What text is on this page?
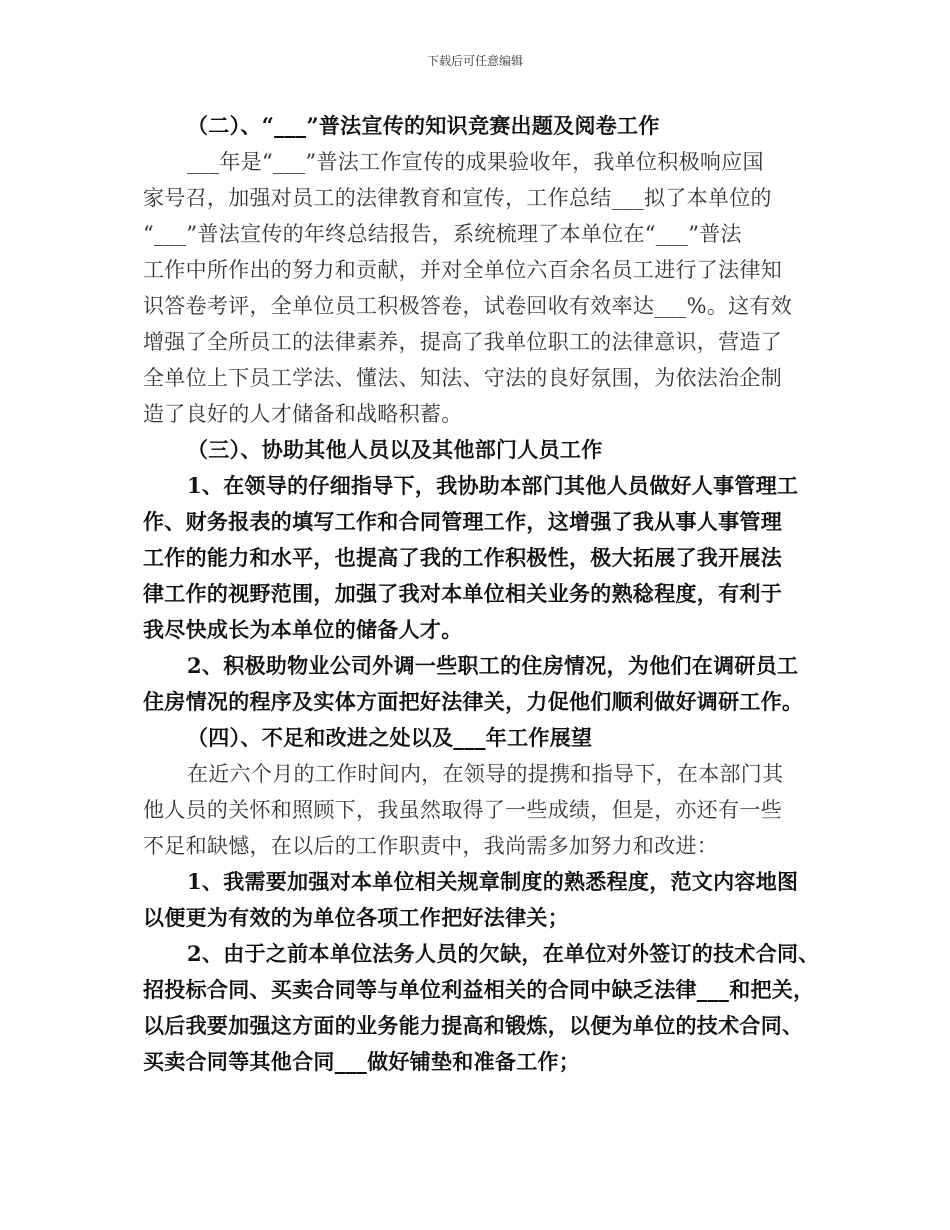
下载后可任意编辑
（二）、“___”普法宣传的知识竞赛出题及阅卷工作
___年是“___”普法工作宣传的成果验收年，我单位积极响应国
家号召，加强对员工的法律教育和宣传，工作总结___拟了本单位的
“___”普法宣传的年终总结报告，系统梳理了本单位在“___”普法
工作中所作出的努力和贡献，并对全单位六百余名员工进行了法律知
识答卷考评，全单位员工积极答卷，试卷回收有效率达___%。这有效
增强了全所员工的法律素养，提高了我单位职工的法律意识，营造了
全单位上下员工学法、懂法、知法、守法的良好氛围，为依法治企制
造了良好的人才储备和战略积蓄。
（三）、协助其他人员以及其他部门人员工作
1、在领导的仔细指导下，我协助本部门其他人员做好人事管理工
作、财务报表的填写工作和合同管理工作，这增强了我从事人事管理
工作的能力和水平，也提高了我的工作积极性，极大拓展了我开展法
律工作的视野范围，加强了我对本单位相关业务的熟稔程度，有利于
我尽快成长为本单位的储备人才。
2、积极助物业公司外调一些职工的住房情况，为他们在调研员工
住房情况的程序及实体方面把好法律关，力促他们顺利做好调研工作。
（四）、不足和改进之处以及___年工作展望
在近六个月的工作时间内，在领导的提携和指导下，在本部门其
他人员的关怀和照顾下，我虽然取得了一些成绩，但是，亦还有一些
不足和缺憾，在以后的工作职责中，我尚需多加努力和改进：
1、我需要加强对本单位相关规章制度的熟悉程度，范文内容地图
以便更为有效的为单位各项工作把好法律关；
2、由于之前本单位法务人员的欠缺，在单位对外签订的技术合同、
招投标合同、买卖合同等与单位利益相关的合同中缺乏法律___和把关，
以后我要加强这方面的业务能力提高和锻炼，以便为单位的技术合同、
买卖合同等其他合同___做好铺垫和准备工作；
